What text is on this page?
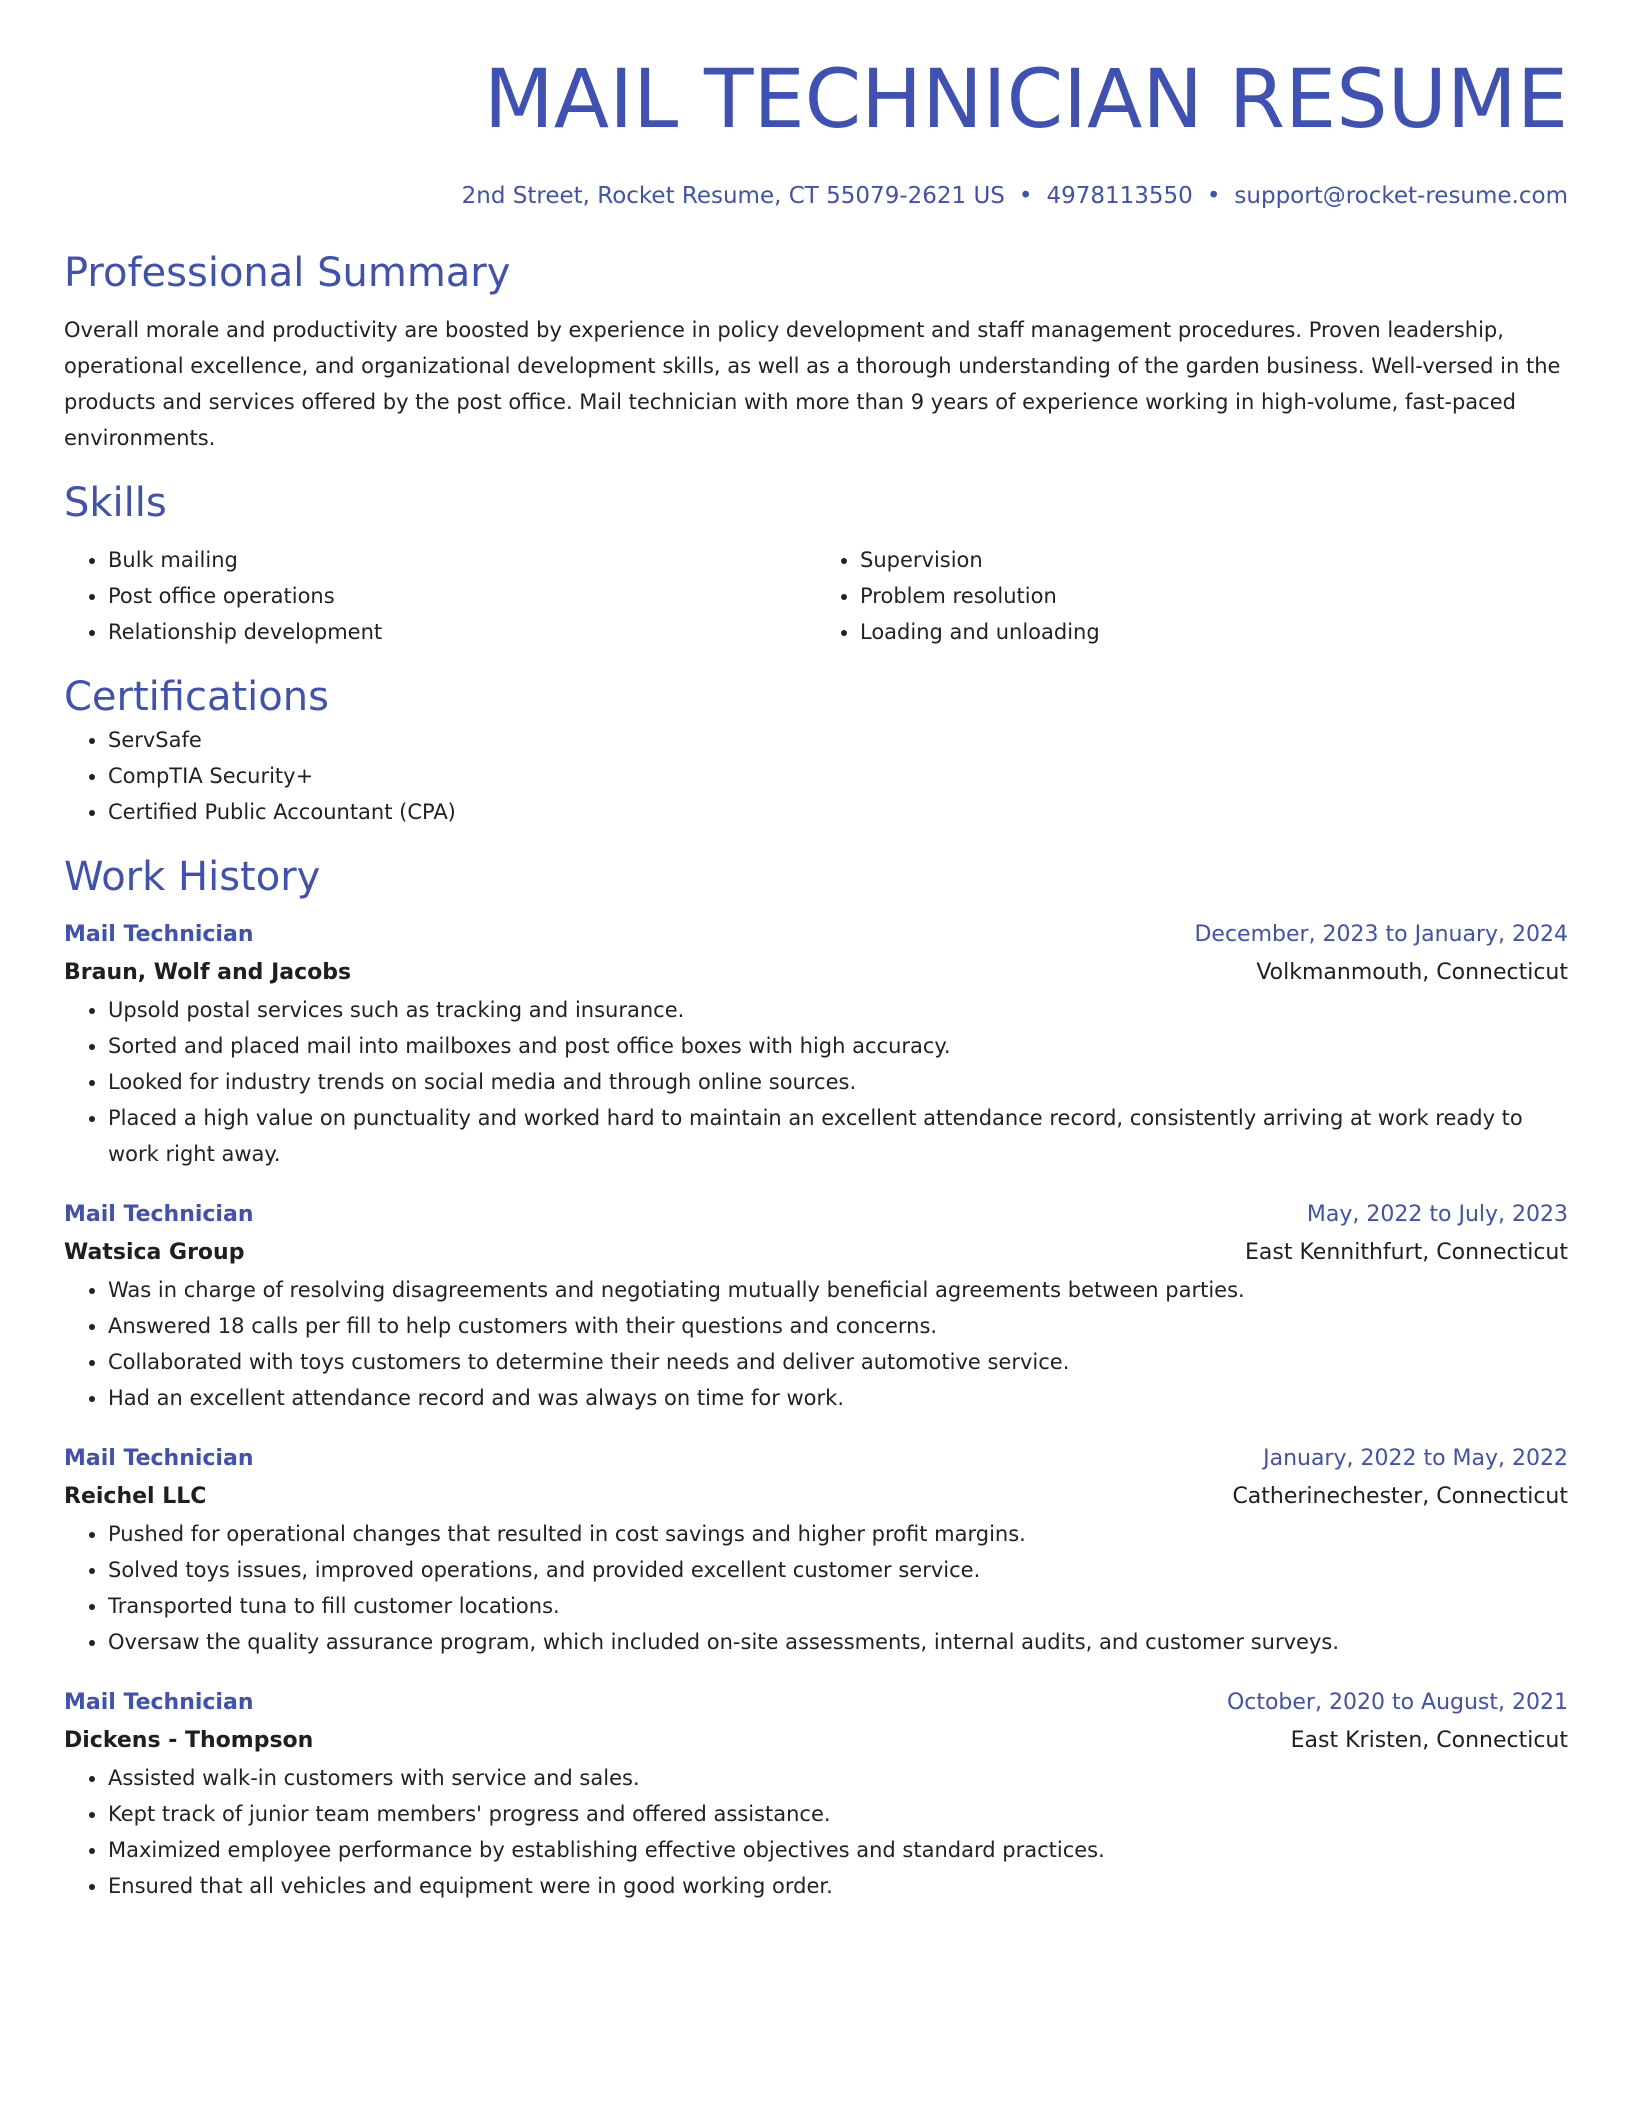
MAIL TECHNICIAN RESUME
2nd Street, Rocket Resume, CT 55079-2621 US • 4978113550 • support@rocket-resume.com
Professional Summary

Overall morale and productivity are boosted by experience in policy development and staff management procedures. Proven leadership, operational excellence, and organizational development skills, as well as a thorough understanding of the garden business. Well-versed in the products and services offered by the post office. Mail technician with more than 9 years of experience working in high-volume, fast-paced environments.

Skills
• Bulk mailing
• Post office operations
• Relationship development
• Supervision
• Problem resolution
• Loading and unloading
Certifications
• ServSafe
• CompTIA Security+
• Certified Public Accountant (CPA)
Work History
Mail Technician	December, 2023 to January, 2024
Braun, Wolf and Jacobs	Volkmanmouth, Connecticut
• Upsold postal services such as tracking and insurance.
• Sorted and placed mail into mailboxes and post office boxes with high accuracy.
• Looked for industry trends on social media and through online sources.
• Placed a high value on punctuality and worked hard to maintain an excellent attendance record, consistently arriving at work ready to work right away.
Mail Technician	May, 2022 to July, 2023
Watsica Group	East Kennithfurt, Connecticut
• Was in charge of resolving disagreements and negotiating mutually beneficial agreements between parties.
• Answered 18 calls per fill to help customers with their questions and concerns.
• Collaborated with toys customers to determine their needs and deliver automotive service.
• Had an excellent attendance record and was always on time for work.
Mail Technician	January, 2022 to May, 2022
Reichel LLC	Catherinechester, Connecticut
• Pushed for operational changes that resulted in cost savings and higher profit margins.
• Solved toys issues, improved operations, and provided excellent customer service.
• Transported tuna to fill customer locations.
• Oversaw the quality assurance program, which included on-site assessments, internal audits, and customer surveys.
Mail Technician	October, 2020 to August, 2021
Dickens - Thompson	East Kristen, Connecticut
• Assisted walk-in customers with service and sales.
• Kept track of junior team members' progress and offered assistance.
• Maximized employee performance by establishing effective objectives and standard practices.
• Ensured that all vehicles and equipment were in good working order.
